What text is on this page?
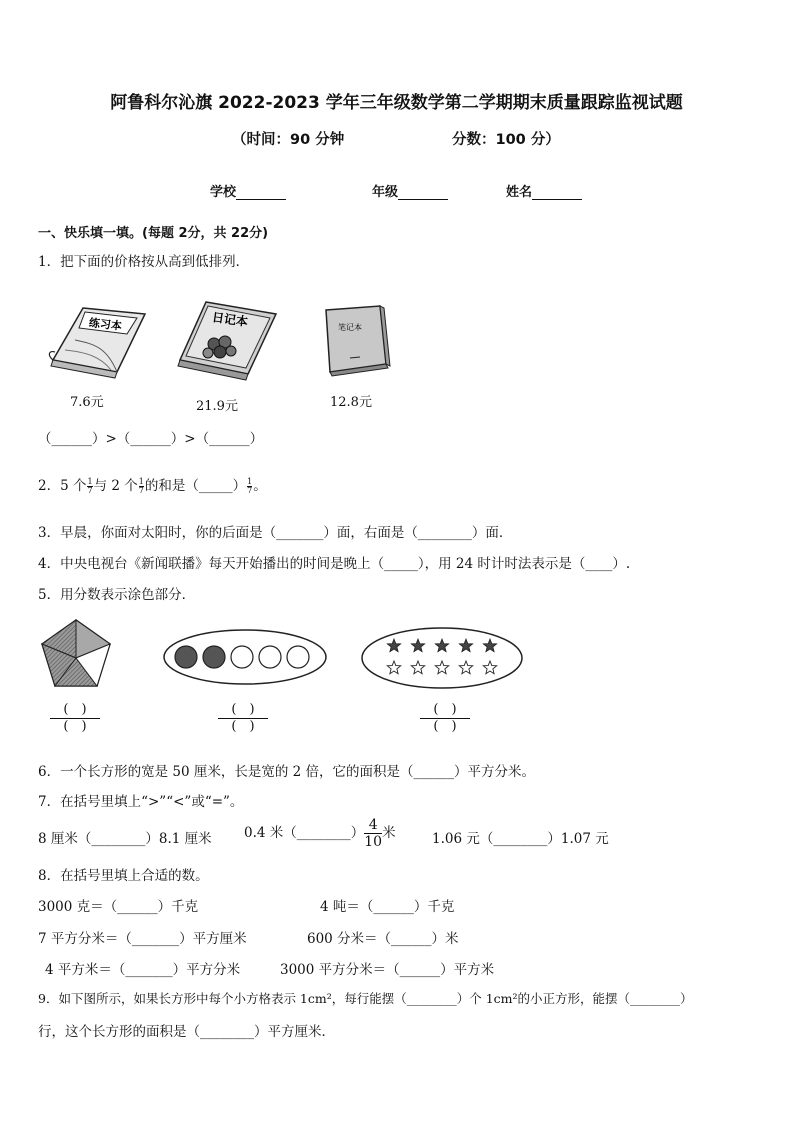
阿鲁科尔沁旗 2022-2023 学年三年级数学第二学期期末质量跟踪监视试题
（时间：90 分钟	分数：100 分）
学校	年级	姓名
一、快乐填一填。(每题 2分，共 22分)
1．把下面的价格按从高到低排列．
练习本
7.6元
日记本
21.9元
笔记本
12.8元
（______）>（______）>（______）
2．5 个 $\frac{1}{7}$ 与 2 个 $\frac{1}{7}$ 的和是（_____） $\frac{1}{7}$ 。
3．早晨，你面对太阳时，你的后面是（_______）面，右面是（________）面．
4．中央电视台《新闻联播》每天开始播出的时间是晚上（_____），用 24 时计时法表示是（____）.
5．用分数表示涂色部分．
(　)
(　)
(　)
(　)
(　)
(　)
6．一个长方形的宽是 50 厘米，长是宽的 2 倍，它的面积是（______）平方分米。
7．在括号里填上“>”“<”或“=”。
8 厘米（________）8.1 厘米 0.4 米（________） $\frac{4}{10}$ 米	1.06 元（________）1.07 元
8．在括号里填上合适的数。
3000 克＝（______）千克	4 吨＝（______）千克
7 平方分米＝（_______）平方厘米	600 分米＝（______）米
4 平方米＝（_______）平方分米	3000 平方分米＝（______）平方米
9．如下图所示，如果长方形中每个小方格表示 1cm²，每行能摆（________）个 1cm²的小正方形，能摆（________）
行，这个长方形的面积是（________）平方厘米．
